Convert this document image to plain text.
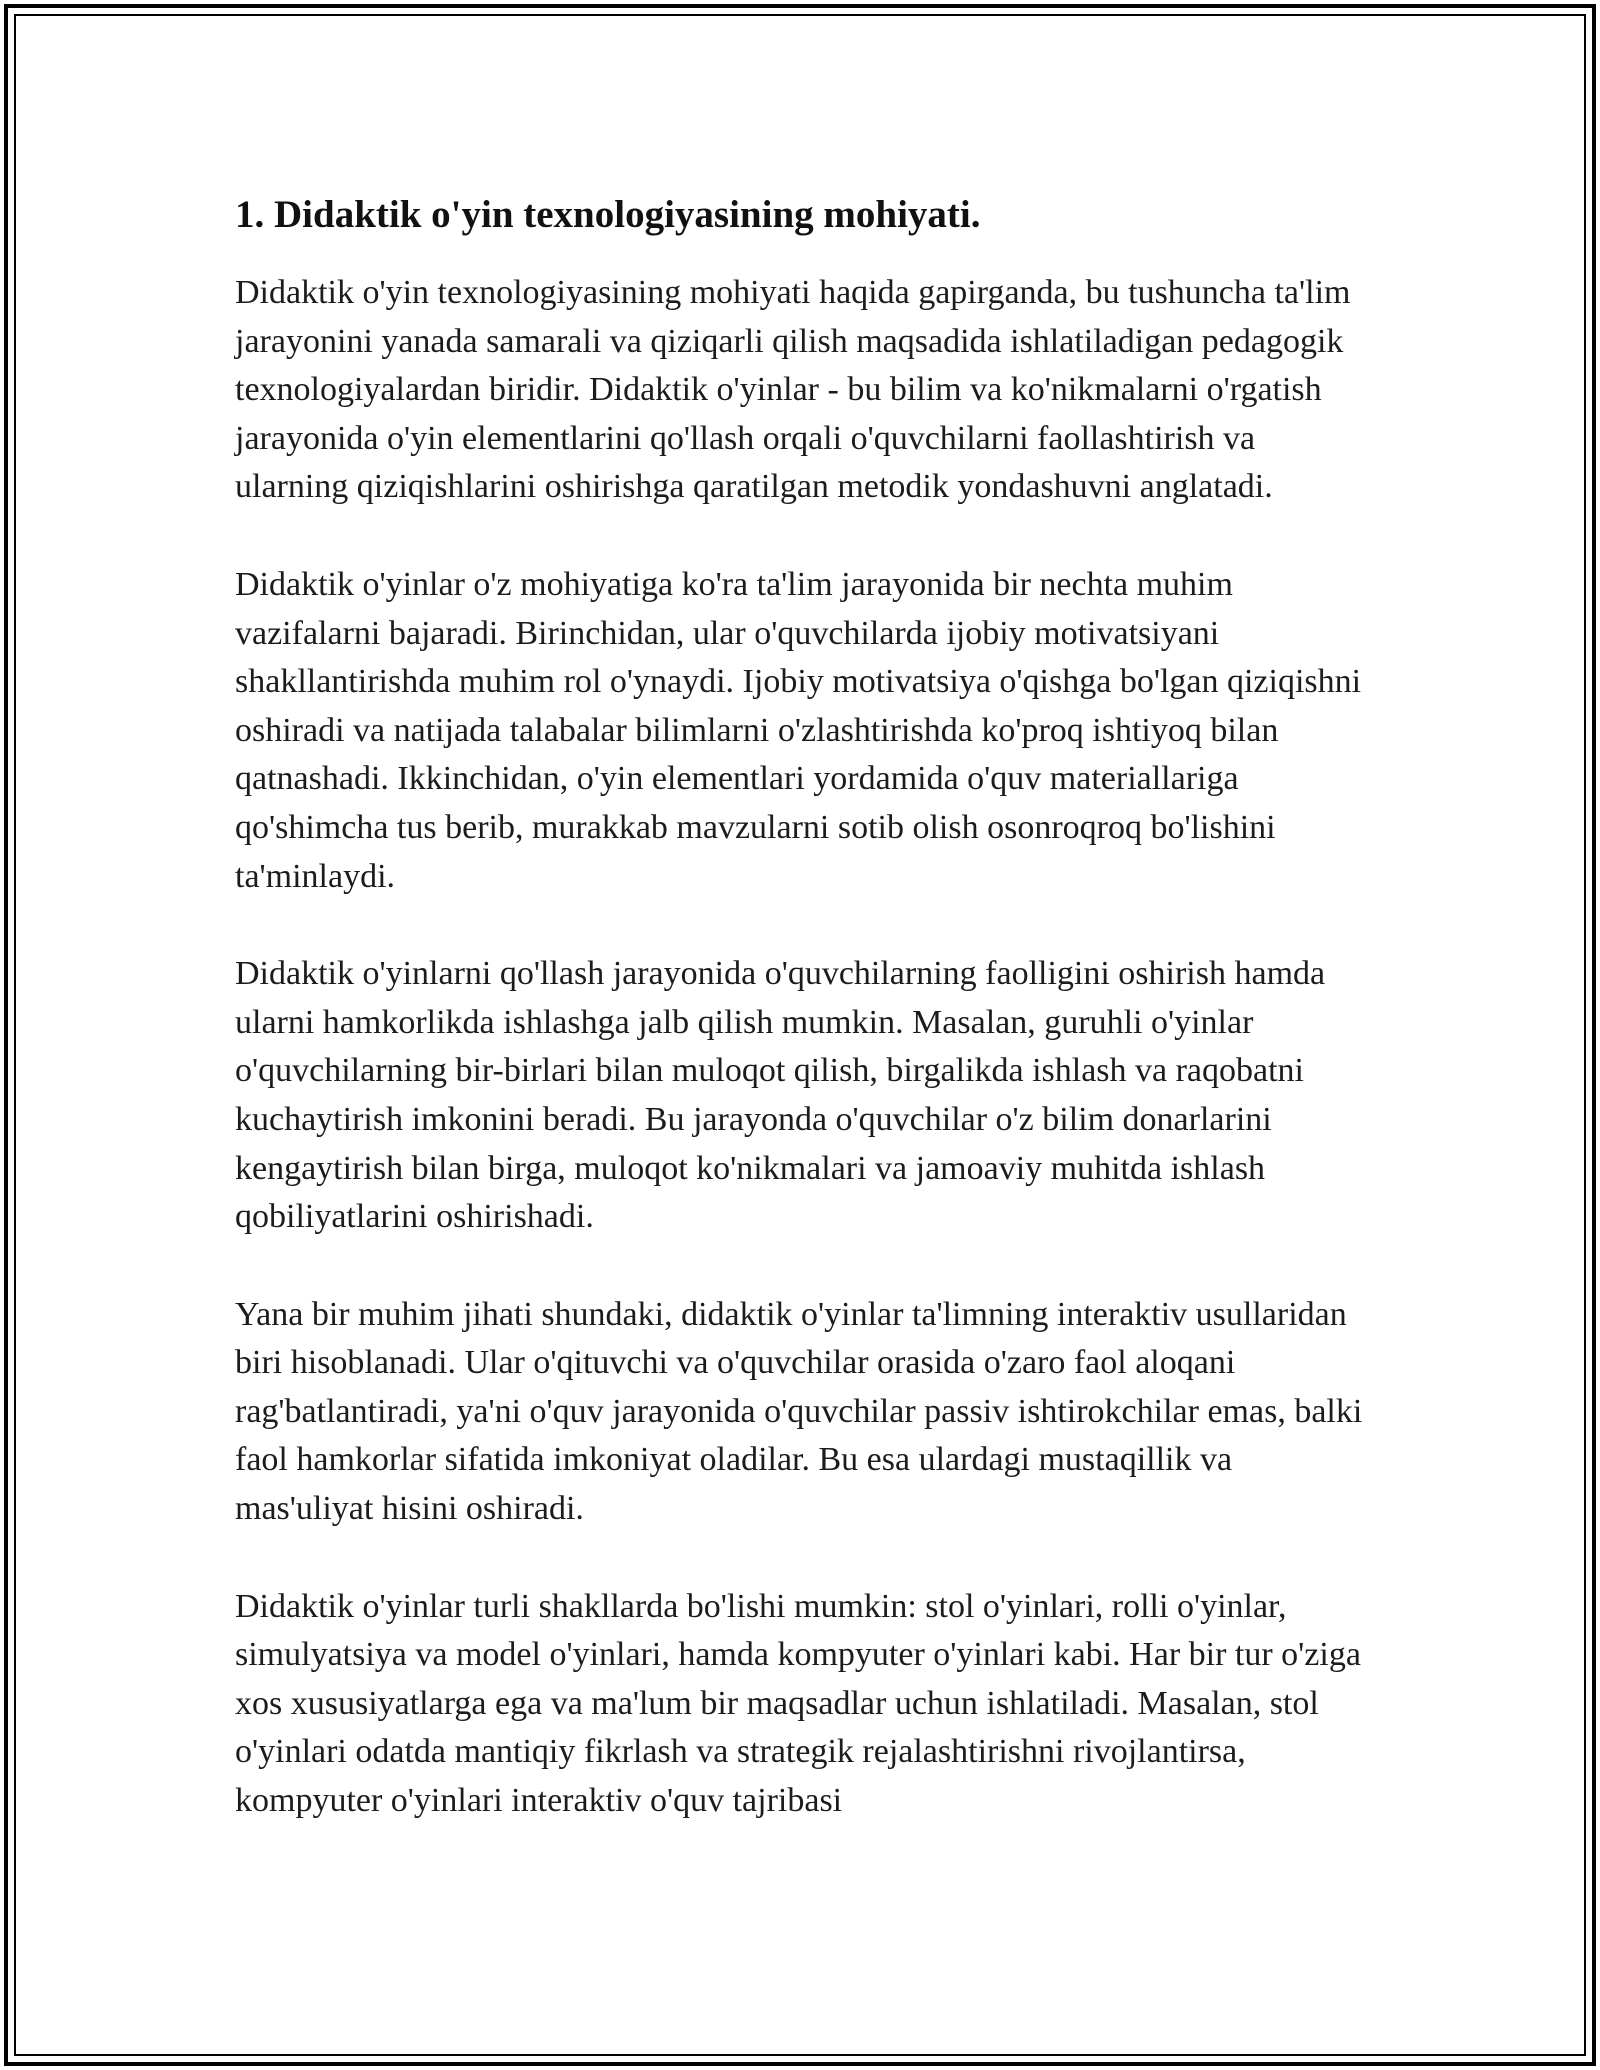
1. Didaktik o'yin texnologiyasining mohiyati.

Didaktik o'yin texnologiyasining mohiyati haqida gapirganda, bu tushuncha ta'lim jarayonini yanada samarali va qiziqarli qilish maqsadida ishlatiladigan pedagogik texnologiyalardan biridir. Didaktik o'yinlar - bu bilim va ko'nikmalarni o'rgatish jarayonida o'yin elementlarini qo'llash orqali o'quvchilarni faollashtirish va ularning qiziqishlarini oshirishga qaratilgan metodik yondashuvni anglatadi.

Didaktik o'yinlar o'z mohiyatiga ko'ra ta'lim jarayonida bir nechta muhim vazifalarni bajaradi. Birinchidan, ular o'quvchilarda ijobiy motivatsiyani shakllantirishda muhim rol o'ynaydi. Ijobiy motivatsiya o'qishga bo'lgan qiziqishni oshiradi va natijada talabalar bilimlarni o'zlashtirishda ko'proq ishtiyoq bilan qatnashadi. Ikkinchidan, o'yin elementlari yordamida o'quv materiallariga qo'shimcha tus berib, murakkab mavzularni sotib olish osonroqroq bo'lishini ta'minlaydi.

Didaktik o'yinlarni qo'llash jarayonida o'quvchilarning faolligini oshirish hamda ularni hamkorlikda ishlashga jalb qilish mumkin. Masalan, guruhli o'yinlar o'quvchilarning bir-birlari bilan muloqot qilish, birgalikda ishlash va raqobatni kuchaytirish imkonini beradi. Bu jarayonda o'quvchilar o'z bilim donarlarini kengaytirish bilan birga, muloqot ko'nikmalari va jamoaviy muhitda ishlash qobiliyatlarini oshirishadi.

Yana bir muhim jihati shundaki, didaktik o'yinlar ta'limning interaktiv usullaridan biri hisoblanadi. Ular o'qituvchi va o'quvchilar orasida o'zaro faol aloqani rag'batlantiradi, ya'ni o'quv jarayonida o'quvchilar passiv ishtirokchilar emas, balki faol hamkorlar sifatida imkoniyat oladilar. Bu esa ulardagi mustaqillik va mas'uliyat hisini oshiradi.

Didaktik o'yinlar turli shakllarda bo'lishi mumkin: stol o'yinlari, rolli o'yinlar, simulyatsiya va model o'yinlari, hamda kompyuter o'yinlari kabi. Har bir tur o'ziga xos xususiyatlarga ega va ma'lum bir maqsadlar uchun ishlatiladi. Masalan, stol o'yinlari odatda mantiqiy fikrlash va strategik rejalashtirishni rivojlantirsa, kompyuter o'yinlari interaktiv o'quv tajribasi
